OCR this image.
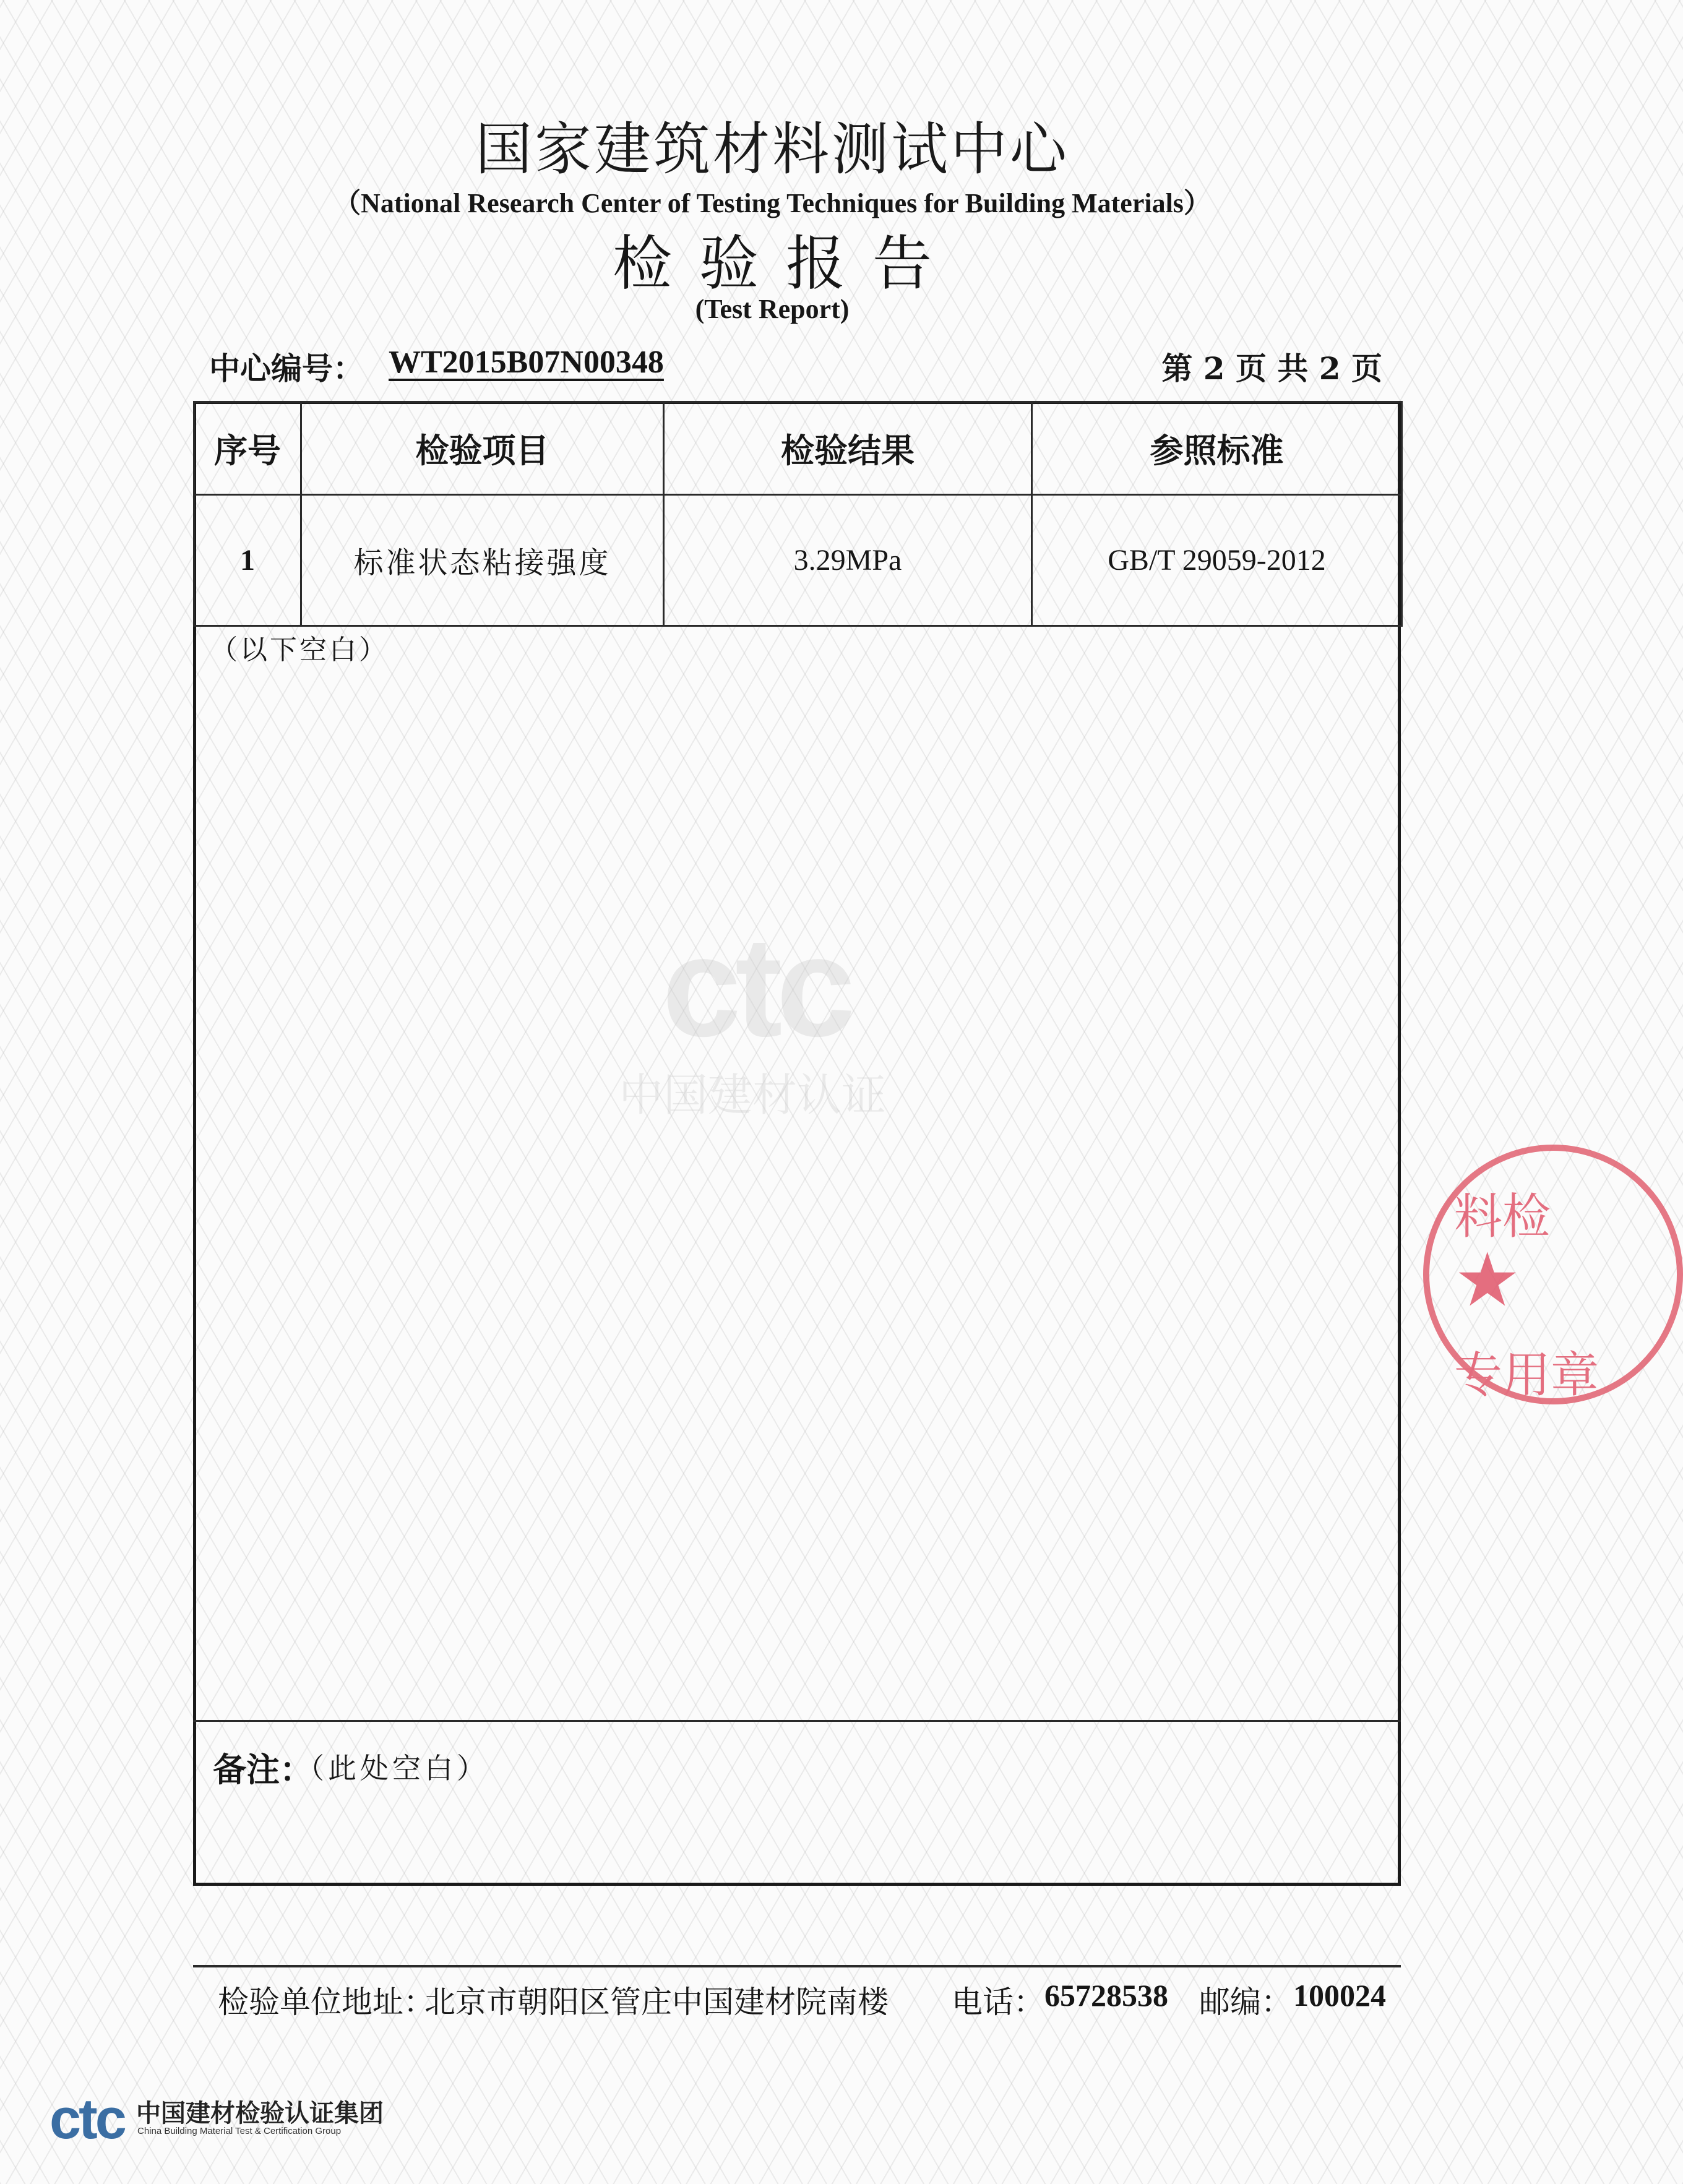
国家建筑材料测试中心
（National Research Center of Testing Techniques for Building Materials）
检验报告
(Test Report)
中心编号： WT2015B07N00348	第 2 页 共 2 页
序号	检验项目	检验结果	参照标准
1	标准状态粘接强度	3.29MPa	GB/T 29059-2012
（以下空白）
ctc
中国建材认证
料检
★
专用章
备注：
（此处空白）
检验单位地址：
北京市朝阳区管庄中国建材院南楼 电话： 65728538 邮编： 100024
ctc 中国建材检验认证集团
China Building Material Test & Certification Group
